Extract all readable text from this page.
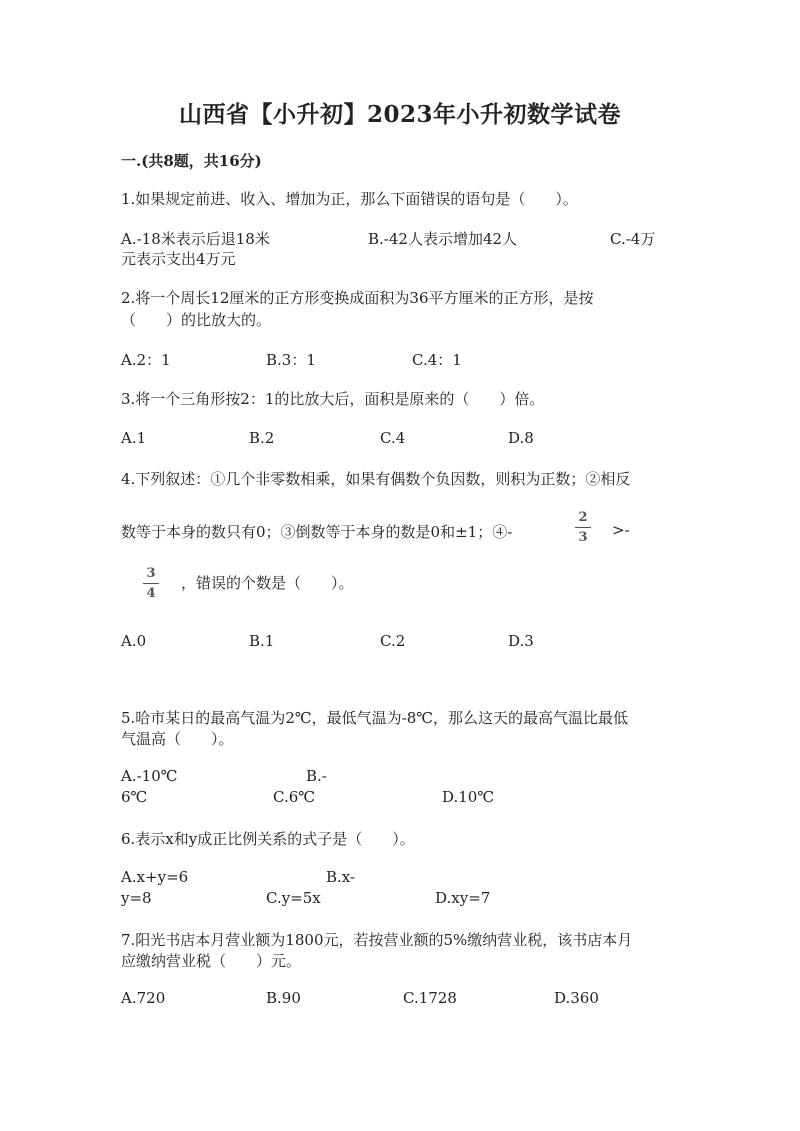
山西省【小升初】2023年小升初数学试卷
一.(共8题，共16分)
1.如果规定前进、收入、增加为正，那么下面错误的语句是（　　）。
A.-18米表示后退18米	B.-42人表示增加42人	C.-4万
元表示支出4万元
2.将一个周长12厘米的正方形变换成面积为36平方厘米的正方形，是按
（　　）的比放大的。
A.2：1	B.3：1	C.4：1
3.将一个三角形按2：1的比放大后，面积是原来的（　　）倍。
A.1	B.2	C.4	D.8
4.下列叙述：①几个非零数相乘，如果有偶数个负因数，则积为正数；②相反
数等于本身的数只有0；③倒数等于本身的数是0和±1；④-	$\frac{2}{3}$ >-
$\frac{3}{4}$ ，错误的个数是（　　）。
A.0	B.1	C.2	D.3
5.哈市某日的最高气温为2℃，最低气温为-8℃，那么这天的最高气温比最低
气温高（　　）。
A.-10℃	B.-
6℃	C.6℃	D.10℃
6.表示x和y成正比例关系的式子是（　　）。
A.x+y=6	B.x-
y=8	C.y=5x	D.xy=7
7.阳光书店本月营业额为1800元，若按营业额的5%缴纳营业税，该书店本月
应缴纳营业税（　　）元。
A.720	B.90	C.1728	D.360
